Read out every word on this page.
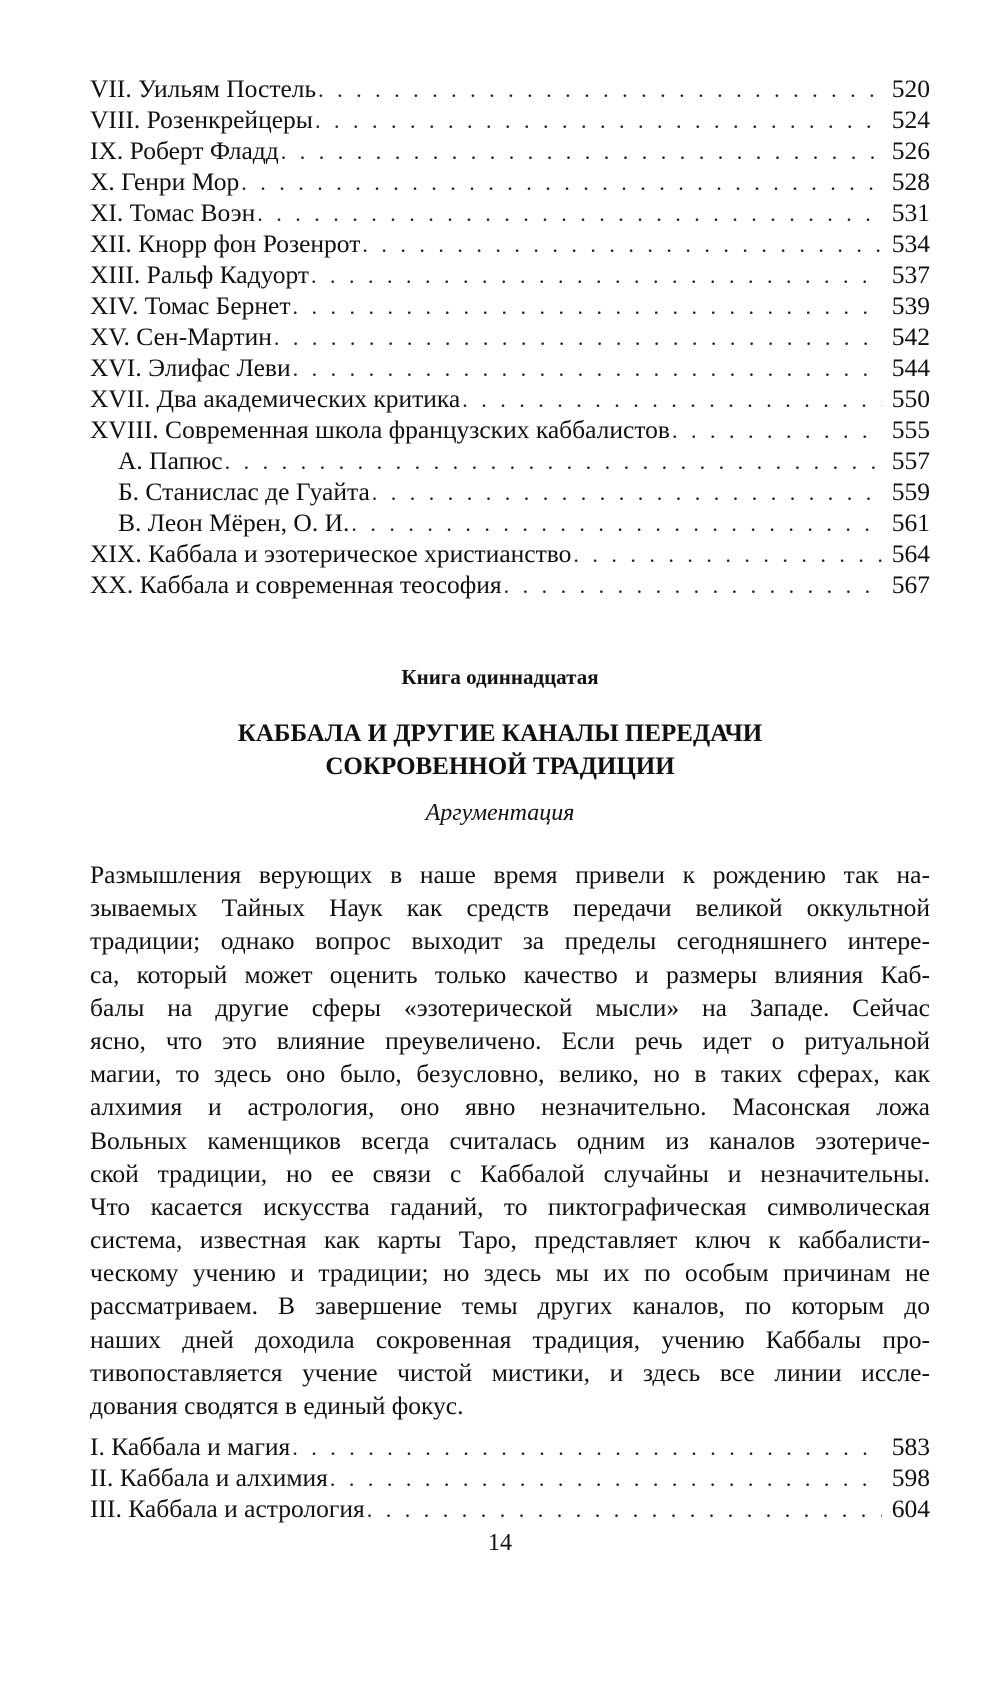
VII. Уильям Постель . . .	520
VIII. Розенкрейцеры . . .	524
IX. Роберт Фладд . . .	526
X. Генри Мор . . .	528
XI. Томас Воэн . . .	531
XII. Кнорр фон Розенрот . . .	534
XIII. Ральф Кадуорт . . .	537
XIV. Томас Бернет . . .	539
XV. Сен-Мартин . . .	542
XVI. Элифас Леви . . .	544
XVII. Два академических критика . . .	550
XVIII. Современная школа французских каббалистов . . .	555
А. Папюс . . .	557
Б. Станислас де Гуайта . . .	559
В. Леон Мёрен, О. И. . . .	561
XIX. Каббала и эзотерическое христианство . . .	564
XX. Каббала и современная теософия . . .	567
Книга одиннадцатая
КАББАЛА И ДРУГИЕ КАНАЛЫ ПЕРЕДАЧИ
СОКРОВЕННОЙ ТРАДИЦИИ
Аргументация
Размышления верующих в наше время привели к рождению так на-
зываемых Тайных Наук как средств передачи великой оккультной
традиции; однако вопрос выходит за пределы сегодняшнего интере-
са, который может оценить только качество и размеры влияния Каб-
балы на другие сферы «эзотерической мысли» на Западе. Сейчас
ясно, что это влияние преувеличено. Если речь идет о ритуальной
магии, то здесь оно было, безусловно, велико, но в таких сферах, как
алхимия и астрология, оно явно незначительно. Масонская ложа
Вольных каменщиков всегда считалась одним из каналов эзотериче-
ской традиции, но ее связи с Каббалой случайны и незначительны.
Что касается искусства гаданий, то пиктографическая символическая
система, известная как карты Таро, представляет ключ к каббалисти-
ческому учению и традиции; но здесь мы их по особым причинам не
рассматриваем. В завершение темы других каналов, по которым до
наших дней доходила сокровенная традиция, учению Каббалы про-
тивопоставляется учение чистой мистики, и здесь все линии иссле-
дования сводятся в единый фокус.
I. Каббала и магия . . .	583
II. Каббала и алхимия . . .	598
III. Каббала и астрология . . .	604
14
